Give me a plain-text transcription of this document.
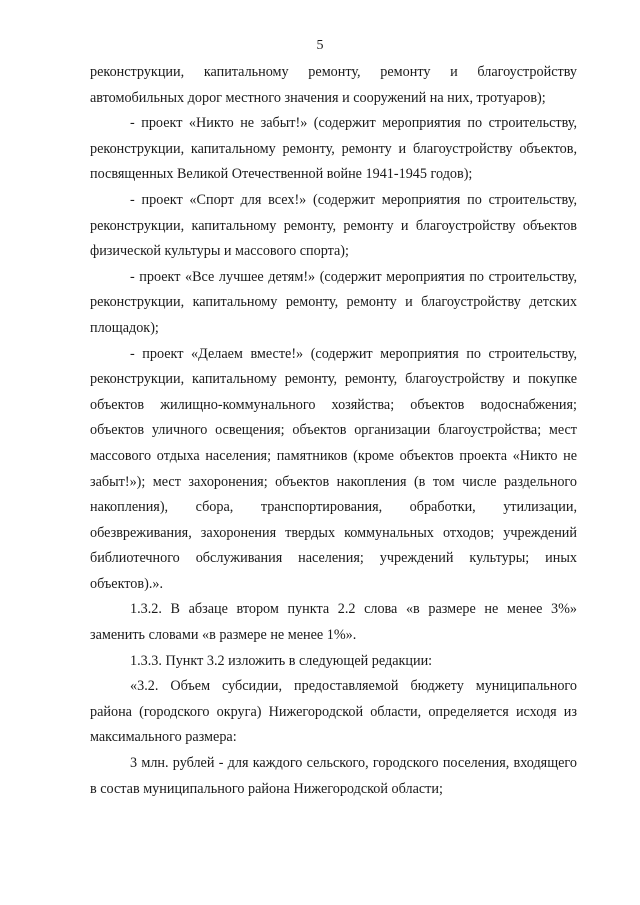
5

реконструкции, капитальному ремонту, ремонту и благоустройству автомобильных дорог местного значения и сооружений на них, тротуаров);

- проект «Никто не забыт!» (содержит мероприятия по строительству, реконструкции, капитальному ремонту, ремонту и благоустройству объектов, посвященных Великой Отечественной войне 1941-1945 годов);

- проект «Спорт для всех!» (содержит мероприятия по строительству, реконструкции, капитальному ремонту, ремонту и благоустройству объектов физической культуры и массового спорта);

- проект «Все лучшее детям!» (содержит мероприятия по строительству, реконструкции, капитальному ремонту, ремонту и благоустройству детских площадок);

- проект «Делаем вместе!» (содержит мероприятия по строительству, реконструкции, капитальному ремонту, ремонту, благоустройству и покупке объектов жилищно-коммунального хозяйства; объектов водоснабжения; объектов уличного освещения; объектов организации благоустройства; мест массового отдыха населения; памятников (кроме объектов проекта «Никто не забыт!»); мест захоронения; объектов накопления (в том числе раздельного накопления), сбора, транспортирования, обработки, утилизации, обезвреживания, захоронения твердых коммунальных отходов; учреждений библиотечного обслуживания населения; учреждений культуры; иных объектов).».

1.3.2. В абзаце втором пункта 2.2 слова «в размере не менее 3%» заменить словами «в размере не менее 1%».

1.3.3. Пункт 3.2 изложить в следующей редакции:

«3.2. Объем субсидии, предоставляемой бюджету муниципального района (городского округа) Нижегородской области, определяется исходя из максимального размера:

3 млн. рублей - для каждого сельского, городского поселения, входящего в состав муниципального района Нижегородской области;
